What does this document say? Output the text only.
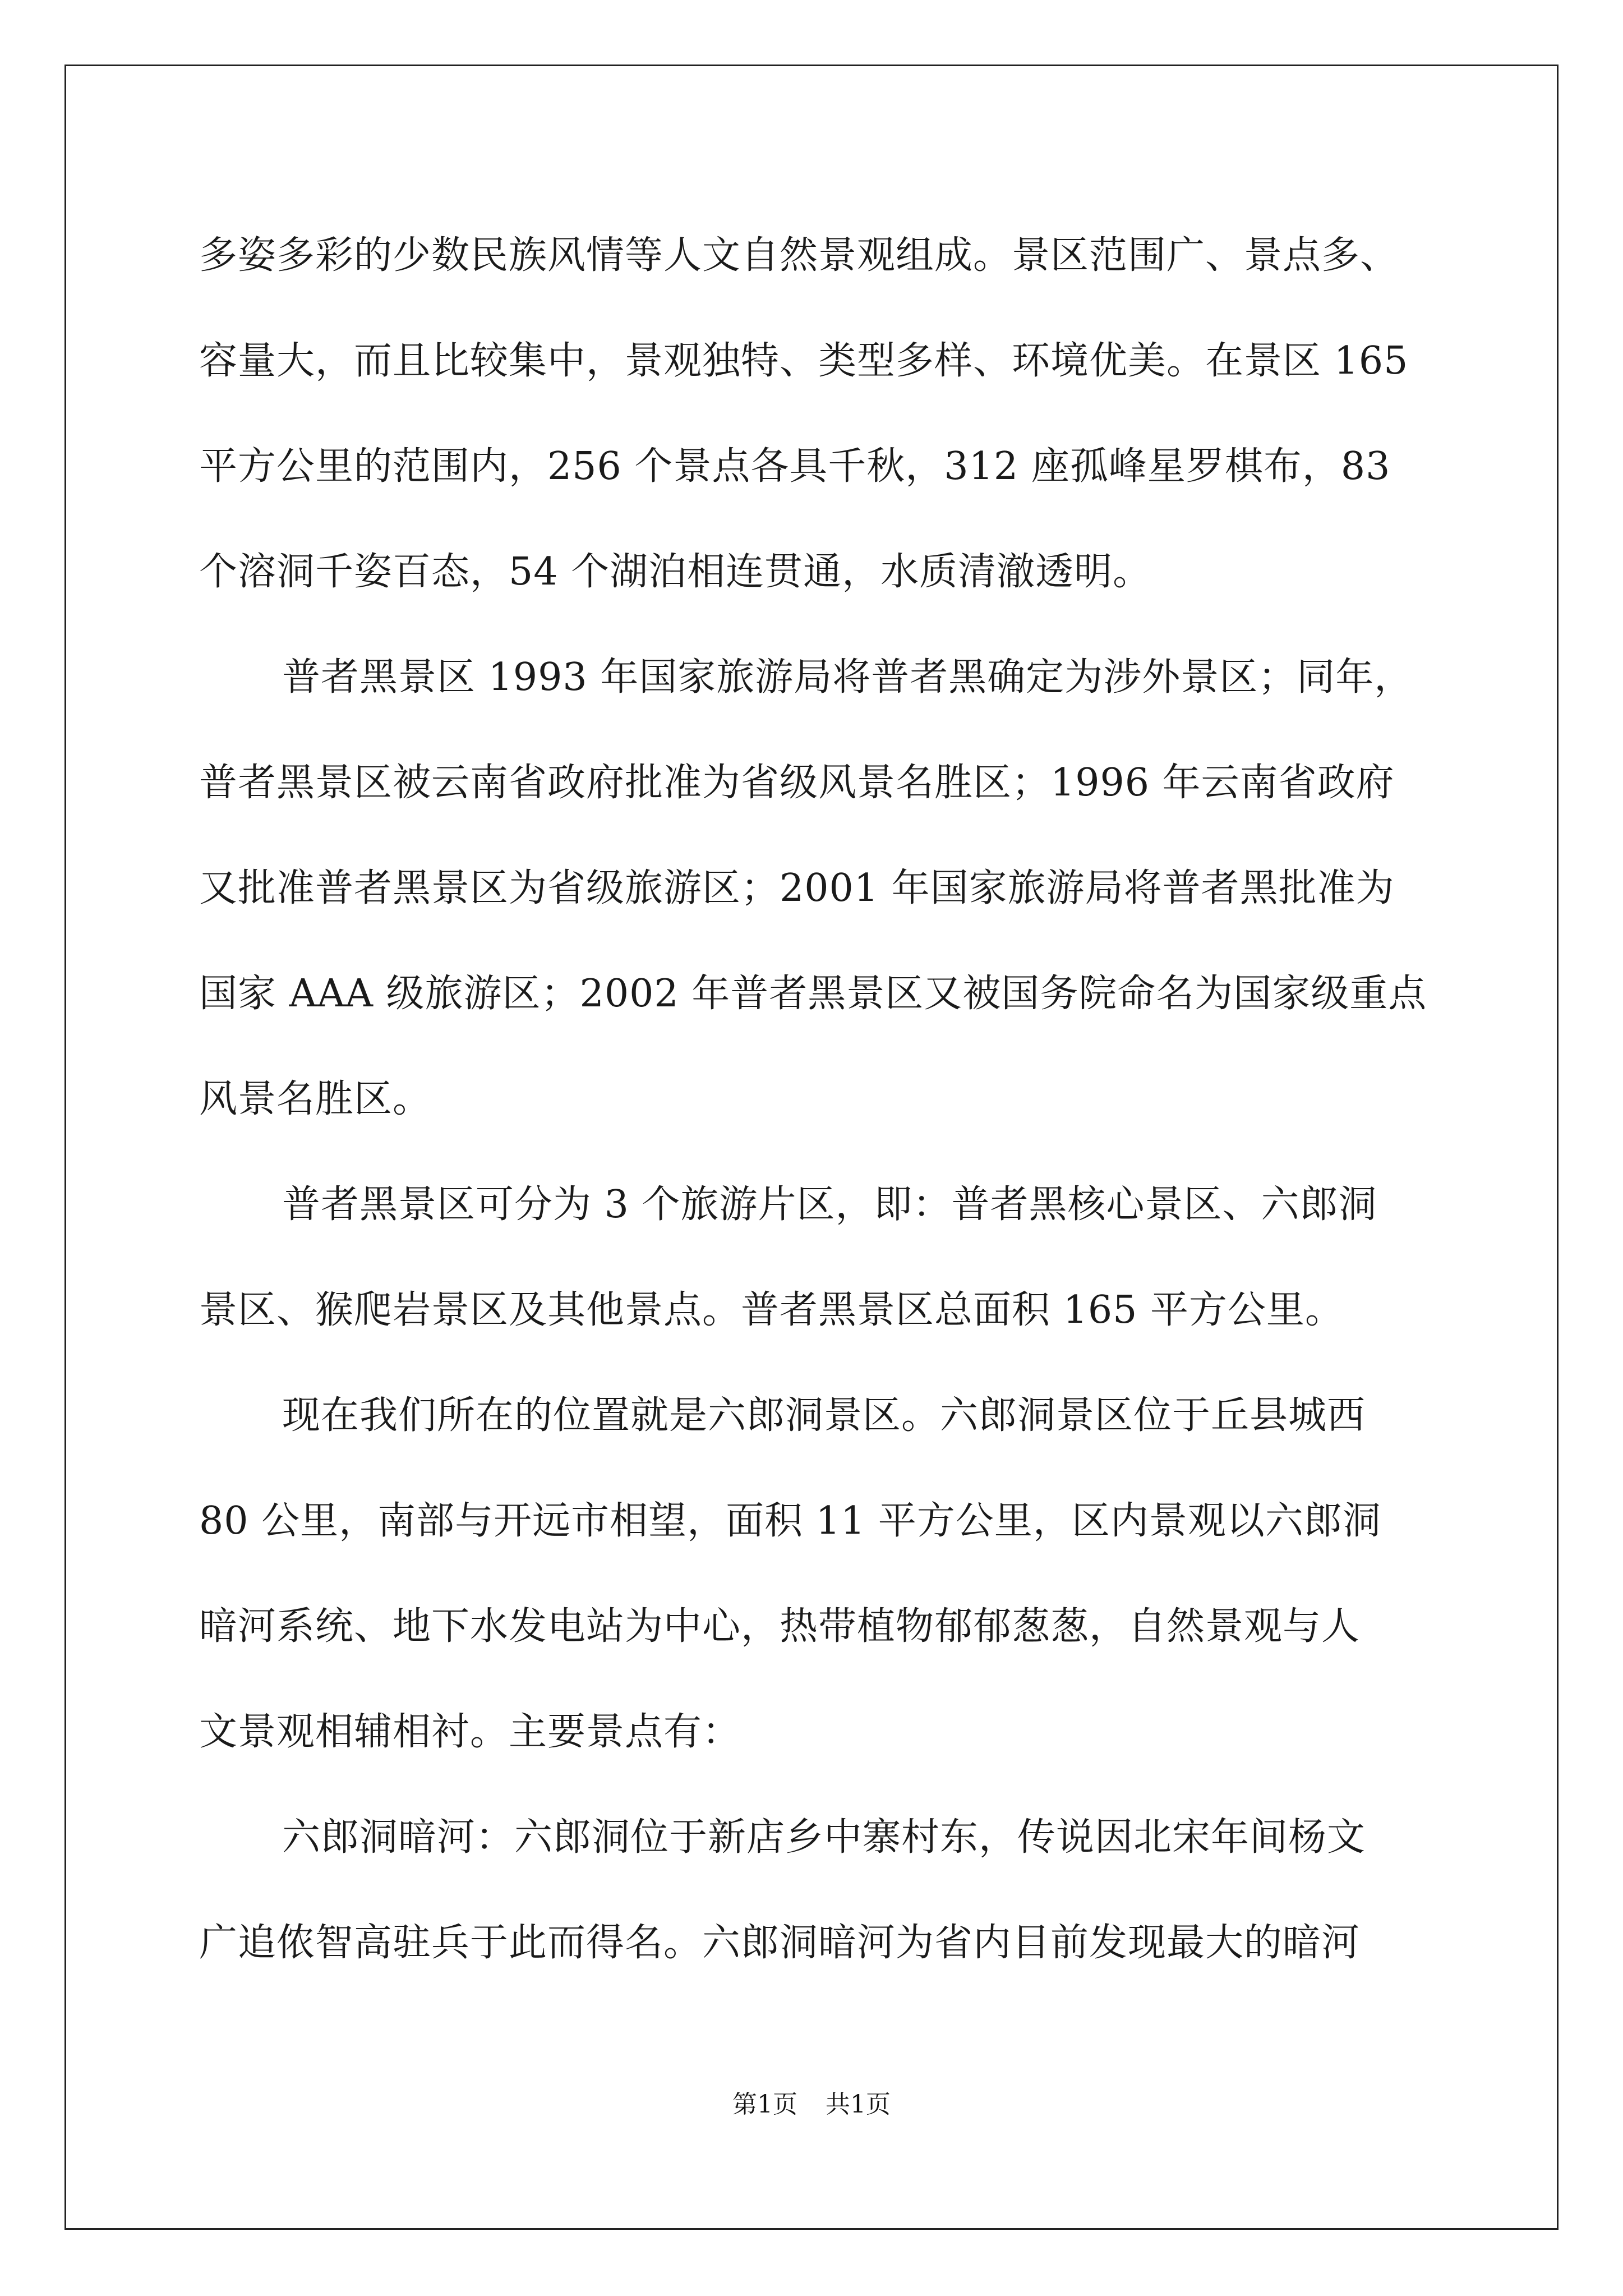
多姿多彩的少数民族风情等人文自然景观组成。景区范围广、景点多、
容量大，而且比较集中，景观独特、类型多样、环境优美。在景区 165
平方公里的范围内，256 个景点各具千秋，312 座孤峰星罗棋布，83
个溶洞千姿百态，54 个湖泊相连贯通，水质清澈透明。
普者黑景区 1993 年国家旅游局将普者黑确定为涉外景区；同年，
普者黑景区被云南省政府批准为省级风景名胜区；1996 年云南省政府
又批准普者黑景区为省级旅游区；2001 年国家旅游局将普者黑批准为
国家 AAA 级旅游区；2002 年普者黑景区又被国务院命名为国家级重点
风景名胜区。
普者黑景区可分为 3 个旅游片区，即：普者黑核心景区、六郎洞
景区、猴爬岩景区及其他景点。普者黑景区总面积 165 平方公里。
现在我们所在的位置就是六郎洞景区。六郎洞景区位于丘县城西
80 公里，南部与开远市相望，面积 11 平方公里，区内景观以六郎洞
暗河系统、地下水发电站为中心，热带植物郁郁葱葱，自然景观与人
文景观相辅相衬。主要景点有：
六郎洞暗河：六郎洞位于新店乡中寨村东，传说因北宋年间杨文
广追侬智高驻兵于此而得名。六郎洞暗河为省内目前发现最大的暗河
第1页 共1页
